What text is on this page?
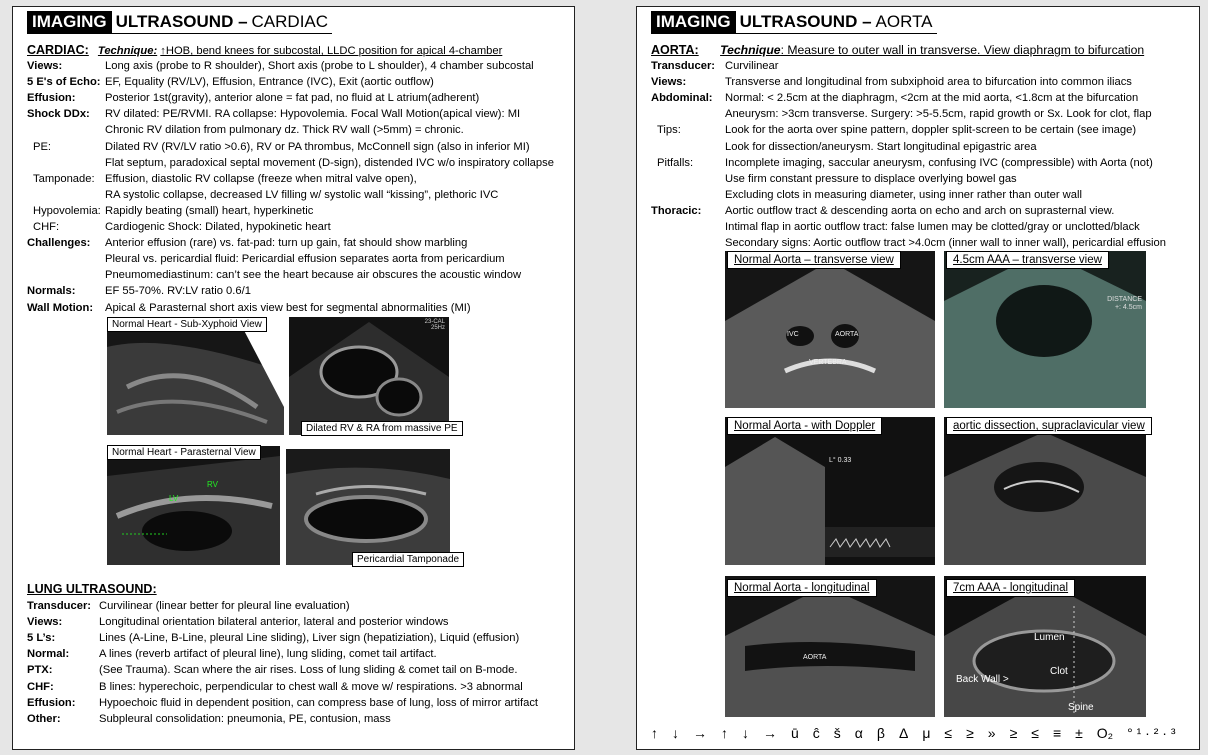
IMAGING ULTRASOUND – CARDIAC
CARDIAC: Technique: ↑HOB, bend knees for subcostal, LLDC position for apical 4-chamber
Views:	Long axis (probe to R shoulder), Short axis (probe to L shoulder), 4 chamber subcostal
5 E's of Echo: EF, Equality (RV/LV), Effusion, Entrance (IVC), Exit (aortic outflow)
Effusion:	Posterior 1st(gravity), anterior alone = fat pad, no fluid at L atrium(adherent)
Shock DDx: RV dilated: PE/RVMI. RA collapse: Hypovolemia. Focal Wall Motion(apical view): MI
Chronic RV dilation from pulmonary dz. Thick RV wall (>5mm) = chronic.
PE:	Dilated RV (RV/LV ratio >0.6), RV or PA thrombus, McConnell sign (also in inferior MI)
Flat septum, paradoxical septal movement (D-sign), distended IVC w/o inspiratory collapse
Tamponade: Effusion, diastolic RV collapse (freeze when mitral valve open),
RA systolic collapse, decreased LV filling w/ systolic wall “kissing”, plethoric IVC
Hypovolemia: Rapidly beating (small) heart, hyperkinetic
CHF:	Cardiogenic Shock: Dilated, hypokinetic heart
Challenges: Anterior effusion (rare) vs. fat-pad: turn up gain, fat should show marbling
Pleural vs. pericardial fluid: Pericardial effusion separates aorta from pericardium
Pneumomediastinum: can’t see the heart because air obscures the acoustic window
Normals:	EF 55-70%. RV:LV ratio 0.6/1
Wall Motion: Apical & Parasternal short axis view best for segmental abnormalities (MI)
Normal Heart - Sub-Xyphoid View	23-CAL 25Hz
Dilated RV & RA from massive PE
LV
RV
Normal Heart - Parasternal View
Pericardial Tamponade
LUNG ULTRASOUND:
Transducer: Curvilinear (linear better for pleural line evaluation)
Views:	Longitudinal orientation bilateral anterior, lateral and posterior windows
5 L’s:	Lines (A-Line, B-Line, pleural Line sliding), Liver sign (hepatiziation), Liquid (effusion)
Normal:	A lines (reverb artifact of pleural line), lung sliding, comet tail artifact.
PTX:	(See Trauma). Scan where the air rises. Loss of lung sliding & comet tail on B-mode.
CHF:	B lines: hyperechoic, perpendicular to chest wall & move w/ respirations. >3 abnormal
Effusion: Hypoechoic fluid in dependent position, can compress base of lung, loss of mirror artifact
Other:	Subpleural consolidation: pneumonia, PE, contusion, mass
IMAGING ULTRASOUND – AORTA
AORTA: Technique: Measure to outer wall in transverse. View diaphragm to bifurcation
Transducer: Curvilinear
Views:	Transverse and longitudinal from subxiphoid area to bifurcation into common iliacs
Abdominal: Normal: < 2.5cm at the diaphragm, <2cm at the mid aorta, <1.8cm at the bifurcation
Aneurysm: >3cm transverse. Surgery: >5-5.5cm, rapid growth or Sx. Look for clot, flap
Tips:	Look for the aorta over spine pattern, doppler split-screen to be certain (see image)
Look for dissection/aneurysm. Start longitudinal epigastric area
Pitfalls:	Incomplete imaging, saccular aneurysm, confusing IVC (compressible) with Aorta (not)
Use firm constant pressure to displace overlying bowel gas
Excluding clots in measuring diameter, using inner rather than outer wall
Thoracic: Aortic outflow tract & descending aorta on echo and arch on suprasternal view.
Intimal flap in aortic outflow tract: false lumen may be clotted/gray or unclotted/black
Secondary signs: Aortic outflow tract >4.0cm (inner wall to inner wall), pericardial effusion
IVC	AORTA
VERTEBRA
Normal Aorta – transverse view
DISTANCE
+: 4.5cm
4.5cm AAA – transverse view
L° 0.33
Normal Aorta - with Doppler	aortic dissection, supraclavicular view
AORTA
Normal Aorta - longitudinal
Lumen
Clot
Back Wall >
Spine
7cm AAA - longitudinal
↑ ↓ → ↑ ↓ → ū ĉ š α β Δ μ ≤ ≥ » ≥ ≤ ≡ ± O₂ ° ¹ · ² · ³
